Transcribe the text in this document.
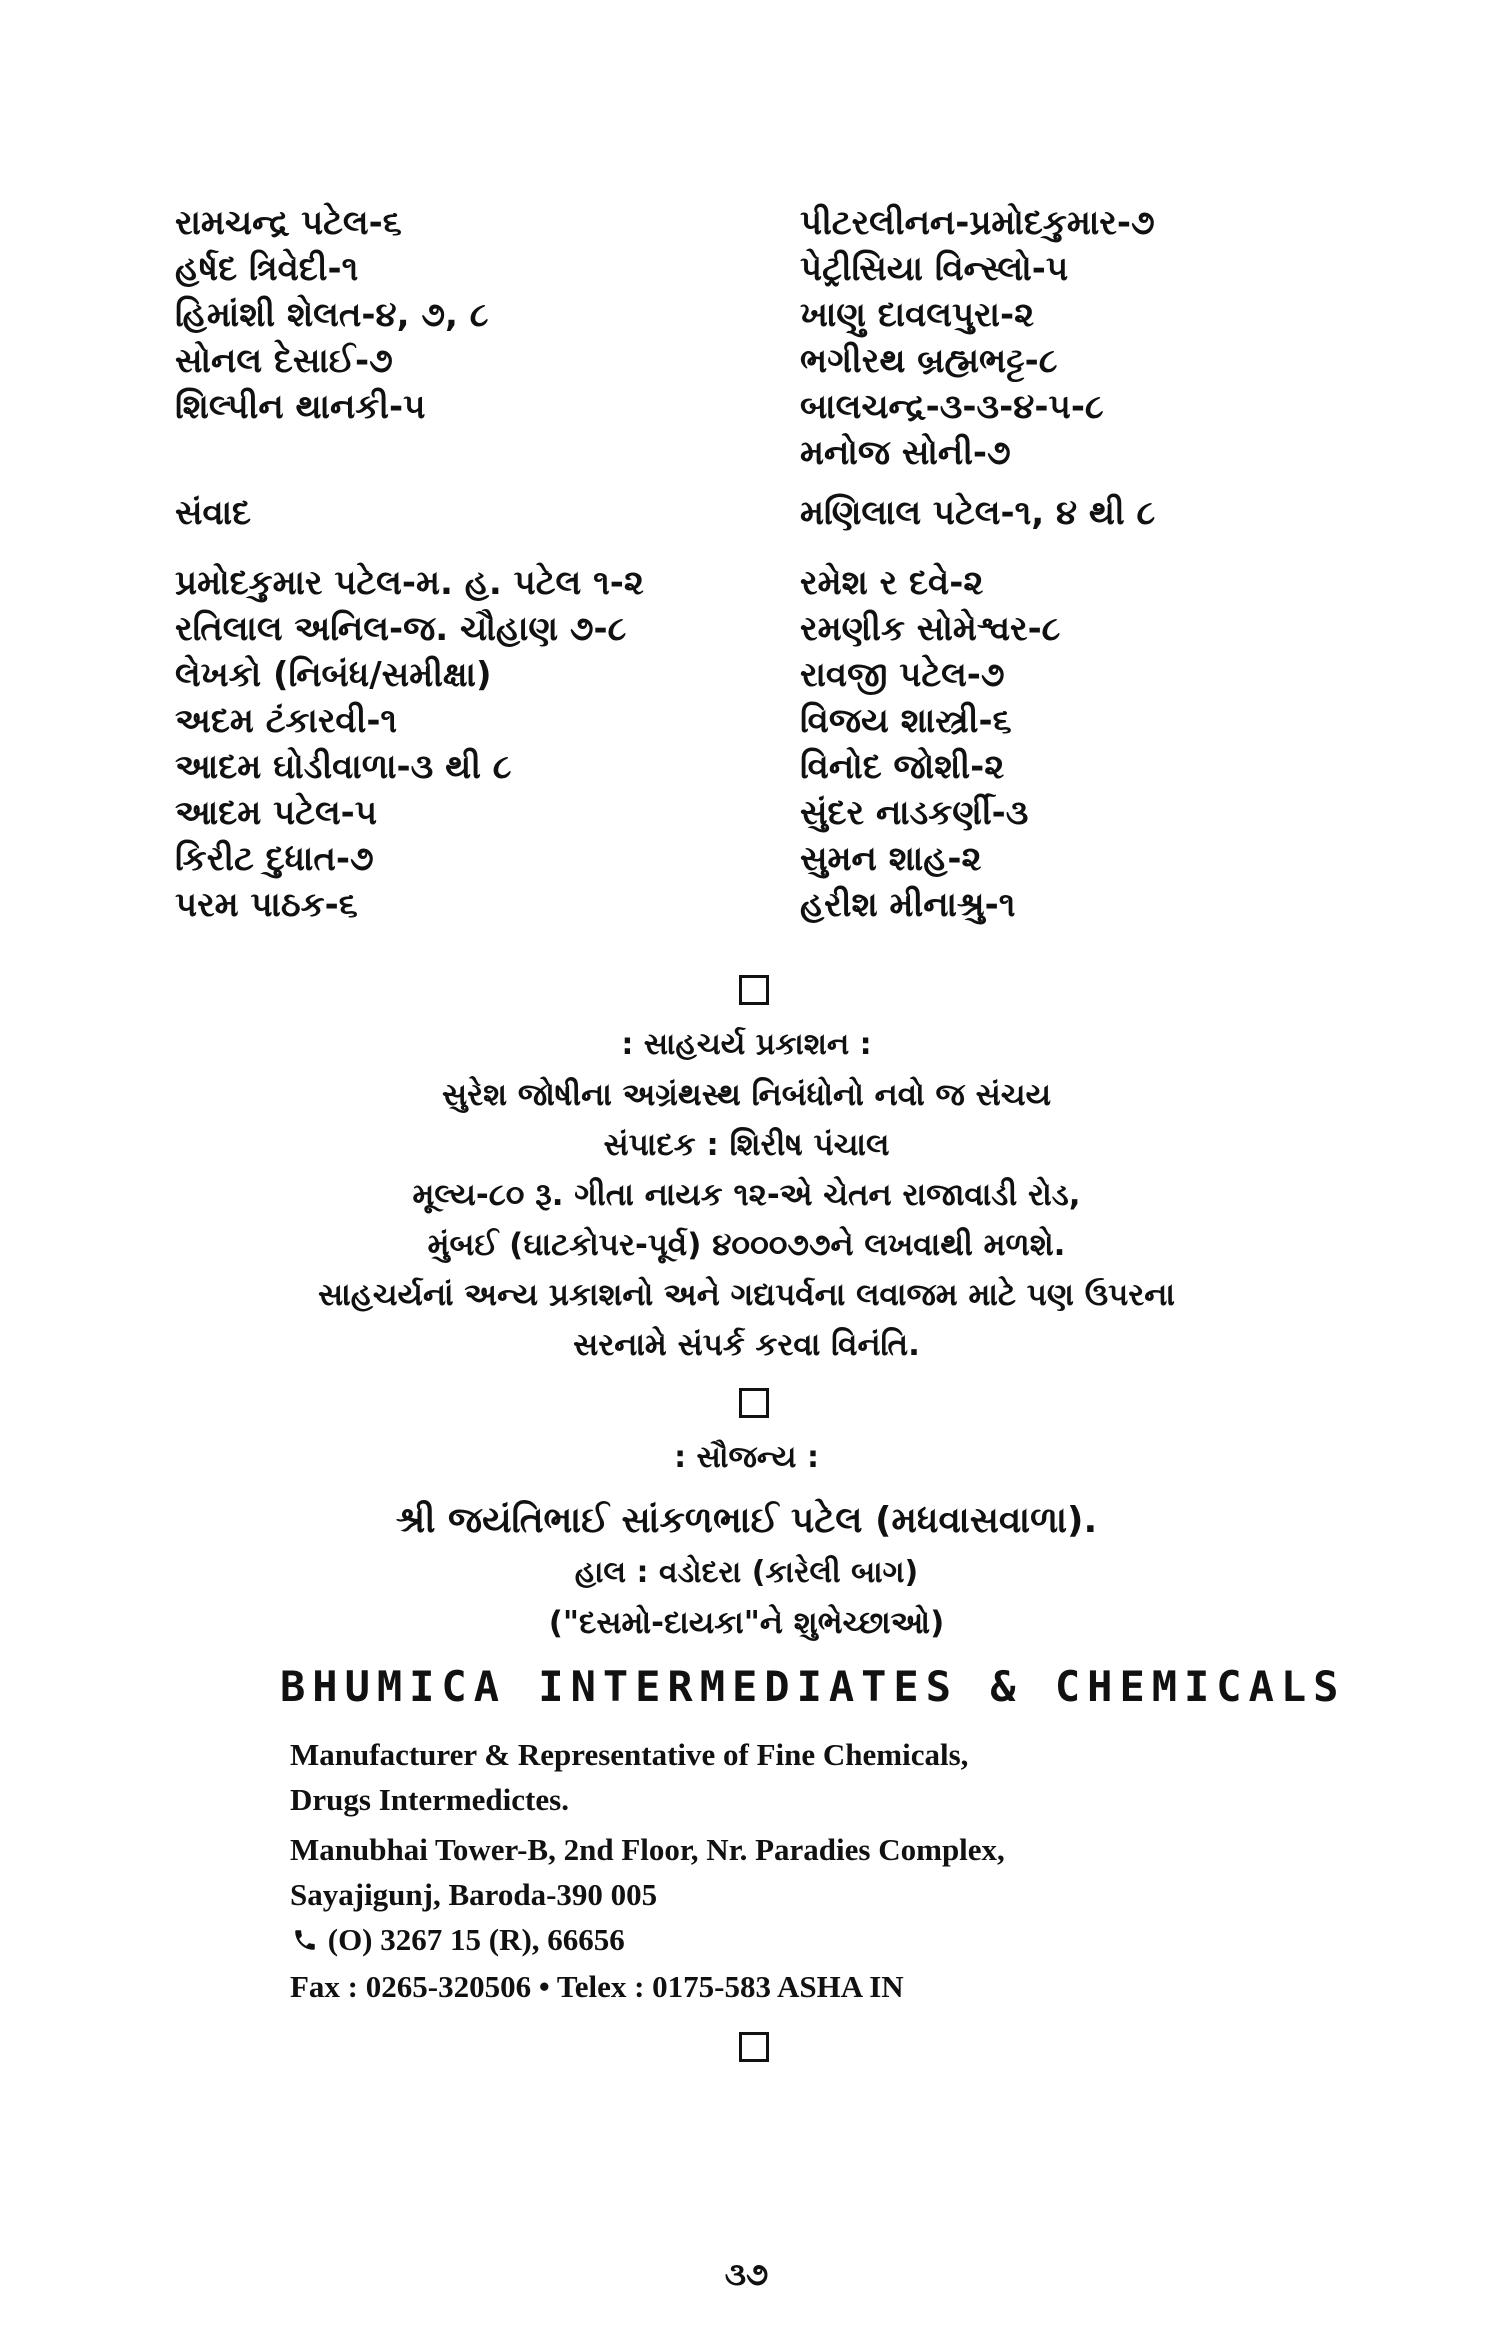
રામચન્દ્ર પટેલ-૬
હર્ષદ ત્રિવેદી-૧
હિમાંશી શેલત-૪, ૭, ૮
સોનલ દેસાઈ-૭
શિલ્પીન થાનકી-૫
સંવાદ
પ્રમોદકુમાર પટેલ-મ. હ. પટેલ ૧-૨
રતિલાલ અનિલ-જ. ચૌહાણ ૭-૮
લેખકો (નિબંધ/સમીક્ષા)
અદમ ટંકારવી-૧
આદમ ઘોડીવાળા-૩ થી ૮
આદમ પટેલ-૫
કિરીટ દુધાત-૭
પરમ પાઠક-૬
પીટરલીનન-પ્રમોદકુમાર-૭
પેટ્રીસિયા વિન્સ્લો-૫
ખાણુ દાવલપુરા-૨
ભગીરથ બ્રહ્મભટ્ટ-૮
બાલચન્દ્ર-૩-૩-૪-૫-૮
મનોજ સોની-૭
મણિલાલ પટેલ-૧, ૪ થી ૮
રમેશ ર દવે-૨
રમણીક સોમેશ્વર-૮
રાવજી પટેલ-૭
વિજય શાસ્ત્રી-૬
વિનોદ જોશી-૨
સુંદર નાડકર્ણી-૩
સુમન શાહ-૨
હરીશ મીનાશ્રુ-૧
: સાહચર્ય પ્રકાશન :
સુરેશ જોષીના અગ્રંથસ્થ નિબંધોનો નવો જ સંચય
સંપાદક : શિરીષ પંચાલ
મૂલ્ય-૮૦ રૂ. ગીતા નાયક ૧૨-એ ચેતન રાજાવાડી રોડ,
મુંબઈ (ઘાટકોપર-પૂર્વ) ૪૦૦૦૭૭ને લખવાથી મળશે.
સાહચર્યનાં અન્ય પ્રકાશનો અને ગદ્યપર્વના લવાજમ માટે પણ ઉપરના
સરનામે સંપર્ક કરવા વિનંતિ.
: સૌજન્ય :
શ્રી જયંતિભાઈ સાંકળભાઈ પટેલ (મધવાસવાળા).
હાલ : વડોદરા (કારેલી બાગ)
("દસમો-દાયકા"ને શુભેચ્છાઓ)
BHUMICA INTERMEDIATES & CHEMICALS
Manufacturer & Representative of Fine Chemicals,
Drugs Intermedictes.
Manubhai Tower-B, 2nd Floor, Nr. Paradies Complex,
Sayajigunj, Baroda-390 005
(O) 3267 15 (R), 66656
Fax : 0265-320506 • Telex : 0175-583 ASHA IN
૩૭
